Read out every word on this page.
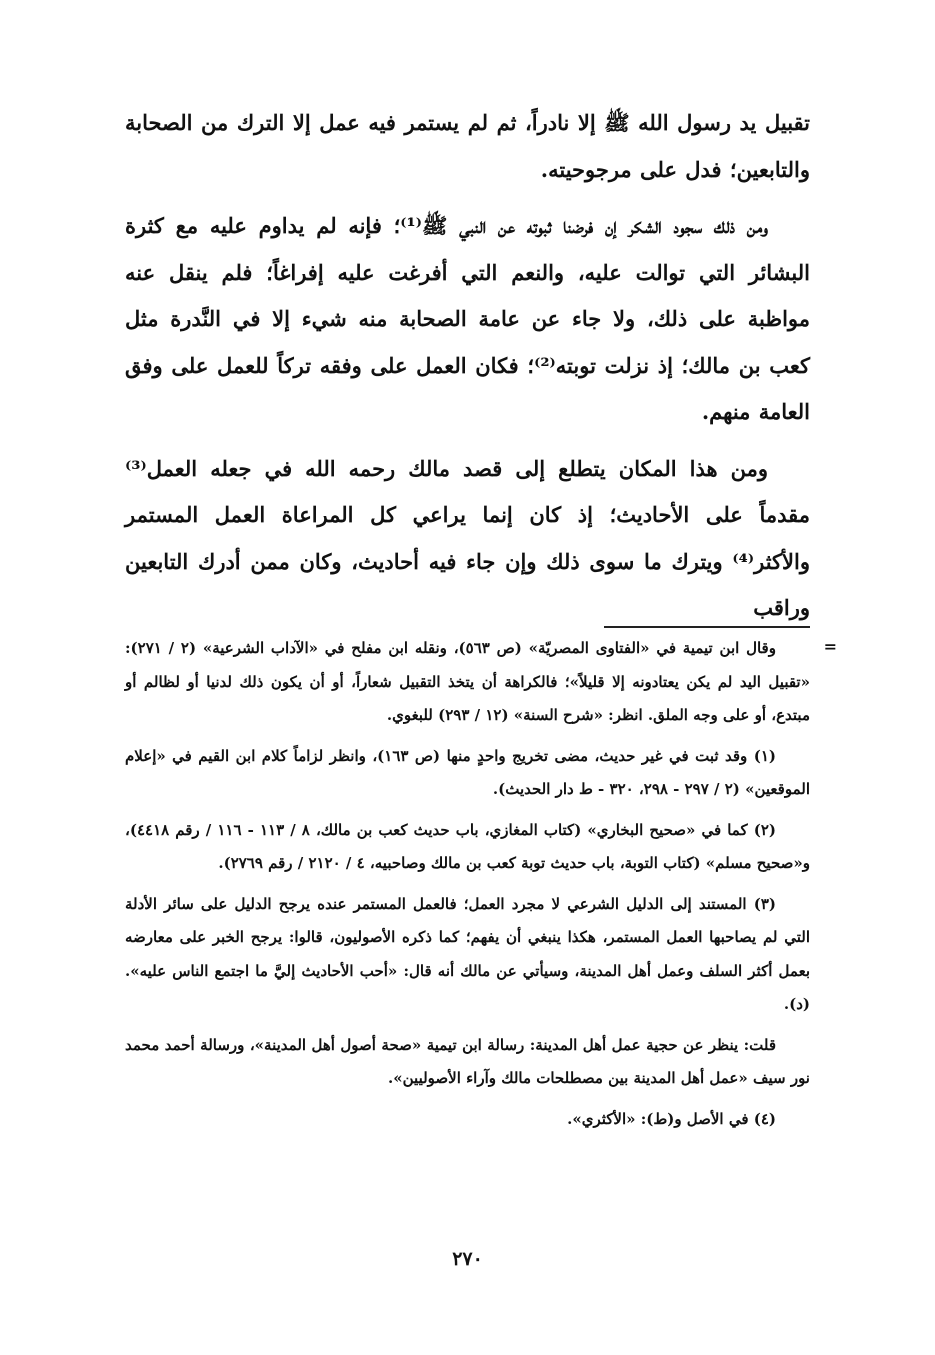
تقبيل يد رسول الله ﷺ إلا نادراً، ثم لم يستمر فيه عمل إلا الترك من الصحابة والتابعين؛ فدل على مرجوحيته.

ومن ذلك سجود الشكر إن فرضنا ثبوته عن النبي ﷺ⁽¹⁾؛ فإنه لم يداوم عليه مع كثرة البشائر التي توالت عليه، والنعم التي أفرغت عليه إفراغاً؛ فلم ينقل عنه مواظبة على ذلك، ولا جاء عن عامة الصحابة منه شيء إلا في النَّدرة مثل كعب بن مالك؛ إذ نزلت توبته⁽²⁾؛ فكان العمل على وفقه تركاً للعمل على وفق العامة منهم.

ومن هذا المكان يتطلع إلى قصد مالك رحمه الله في جعله العمل⁽³⁾ مقدماً على الأحاديث؛ إذ كان إنما يراعي كل المراعاة العمل المستمر والأكثر⁽⁴⁾ ويترك ما سوى ذلك وإن جاء فيه أحاديث، وكان ممن أدرك التابعين وراقب

=

وقال ابن تيمية في «الفتاوى المصريّة» (ص ٥٦٣)، ونقله ابن مفلح في «الآداب الشرعية» (٢ / ٢٧١): «تقبيل اليد لم يكن يعتادونه إلا قليلاً»؛ فالكراهة أن يتخذ التقبيل شعاراً، أو أن يكون ذلك لدنيا أو لظالم أو مبتدع، أو على وجه الملق. انظر: «شرح السنة» (١٢ / ٢٩٣) للبغوي.

(١) وقد ثبت في غير حديث، مضى تخريج واحدٍ منها (ص ١٦٣)، وانظر لزاماً كلام ابن القيم في «إعلام الموقعين» (٢ / ٢٩٧ - ٢٩٨، ٣٢٠ - ط دار الحديث).

(٢) كما في «صحيح البخاري» (كتاب المغازي، باب حديث كعب بن مالك، ٨ / ١١٣ - ١١٦ / رقم ٤٤١٨)، و«صحيح مسلم» (كتاب التوبة، باب حديث توبة كعب بن مالك وصاحبيه، ٤ / ٢١٢٠ / رقم ٢٧٦٩).

(٣) المستند إلى الدليل الشرعي لا مجرد العمل؛ فالعمل المستمر عنده يرجح الدليل على سائر الأدلة التي لم يصاحبها العمل المستمر، هكذا ينبغي أن يفهم؛ كما ذكره الأصوليون، قالوا: يرجح الخبر على معارضه بعمل أكثر السلف وعمل أهل المدينة، وسيأتي عن مالك أنه قال: «أحب الأحاديث إليَّ ما اجتمع الناس عليه». (د).

قلت: ينظر عن حجية عمل أهل المدينة: رسالة ابن تيمية «صحة أصول أهل المدينة»، ورسالة أحمد محمد نور سيف «عمل أهل المدينة بين مصطلحات مالك وآراء الأصوليين».

(٤) في الأصل و(ط): «الأكثري».

٢٧٠
